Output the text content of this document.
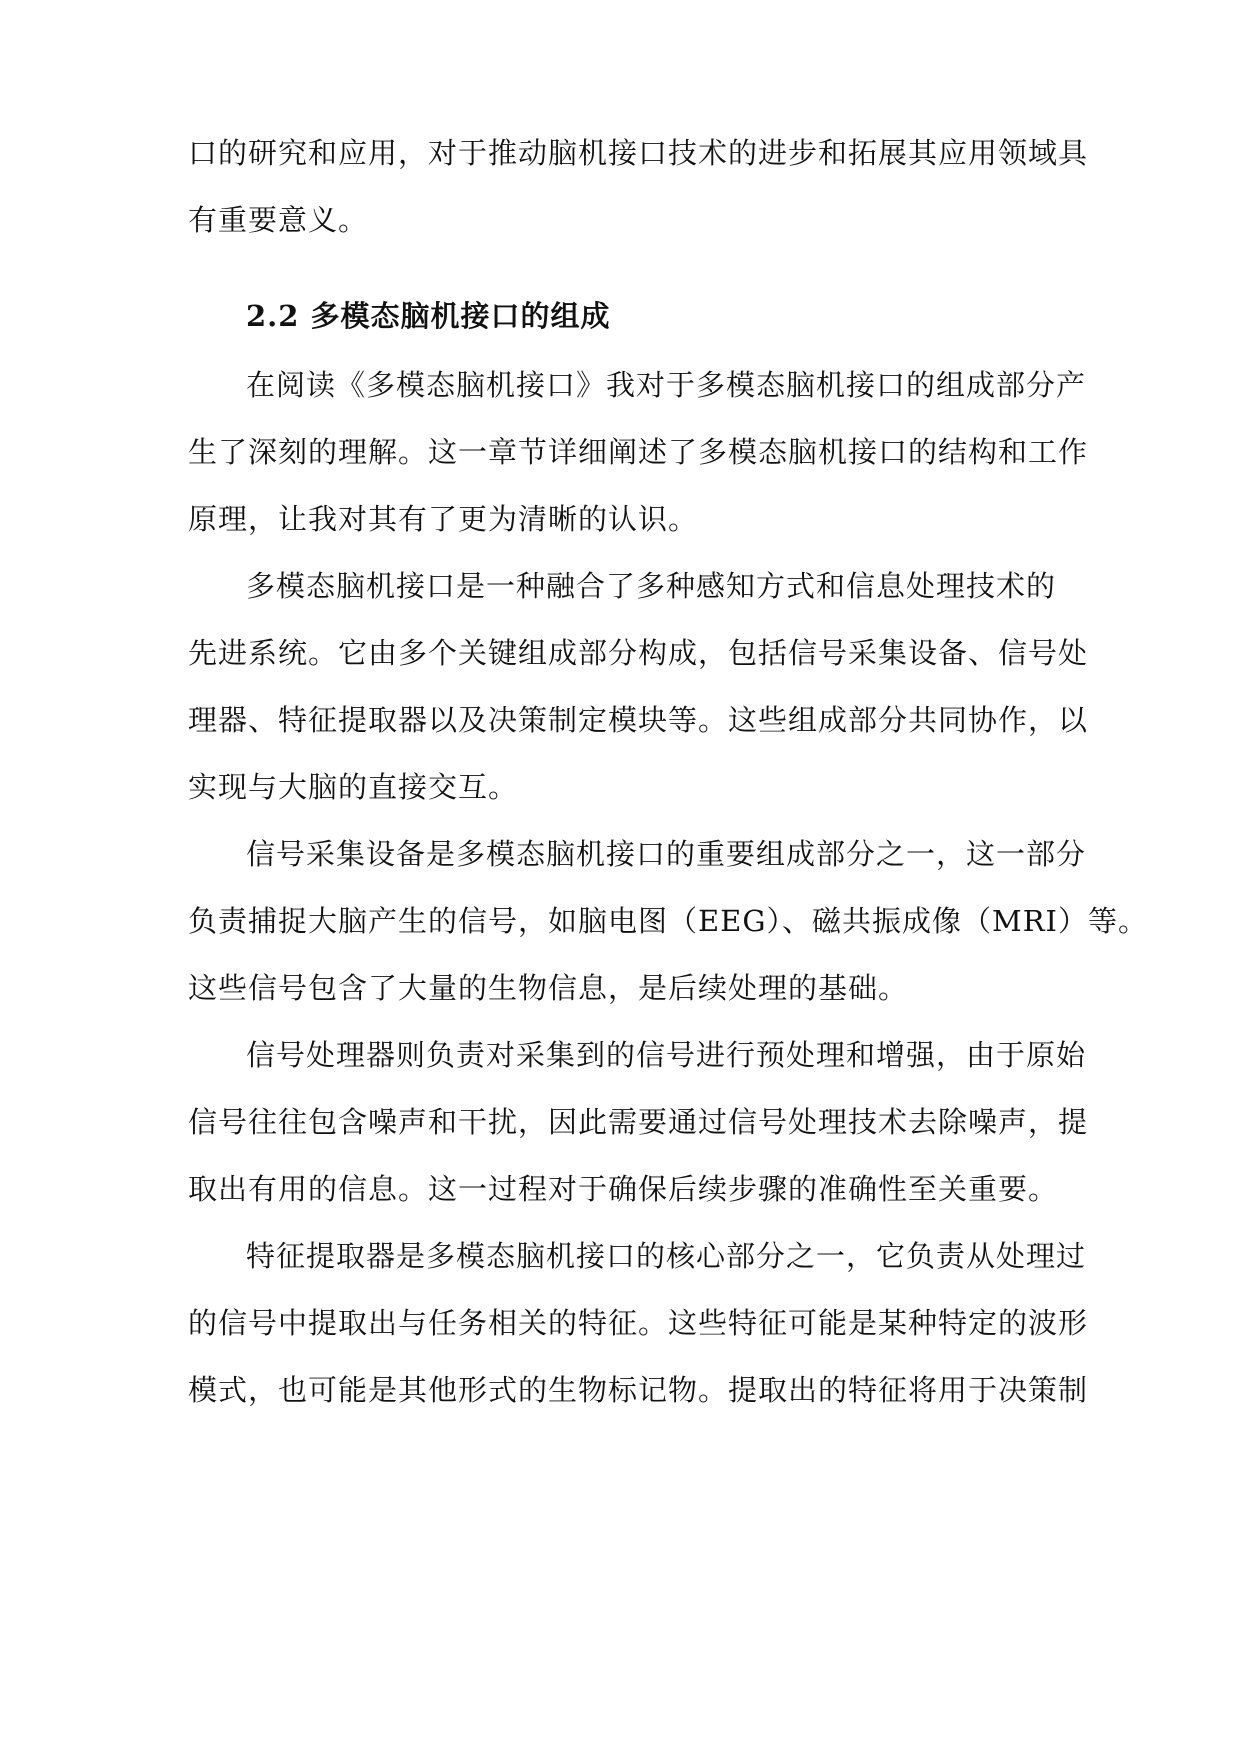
口的研究和应用，对于推动脑机接口技术的进步和拓展其应用领域具
有重要意义。
2.2 多模态脑机接口的组成
在阅读《多模态脑机接口》我对于多模态脑机接口的组成部分产
生了深刻的理解。这一章节详细阐述了多模态脑机接口的结构和工作
原理，让我对其有了更为清晰的认识。
多模态脑机接口是一种融合了多种感知方式和信息处理技术的
先进系统。它由多个关键组成部分构成，包括信号采集设备、信号处
理器、特征提取器以及决策制定模块等。这些组成部分共同协作，以
实现与大脑的直接交互。
信号采集设备是多模态脑机接口的重要组成部分之一，这一部分
负责捕捉大脑产生的信号，如脑电图（EEG）、磁共振成像（MRI）等。
这些信号包含了大量的生物信息，是后续处理的基础。
信号处理器则负责对采集到的信号进行预处理和增强，由于原始
信号往往包含噪声和干扰，因此需要通过信号处理技术去除噪声，提
取出有用的信息。这一过程对于确保后续步骤的准确性至关重要。
特征提取器是多模态脑机接口的核心部分之一，它负责从处理过
的信号中提取出与任务相关的特征。这些特征可能是某种特定的波形
模式，也可能是其他形式的生物标记物。提取出的特征将用于决策制
